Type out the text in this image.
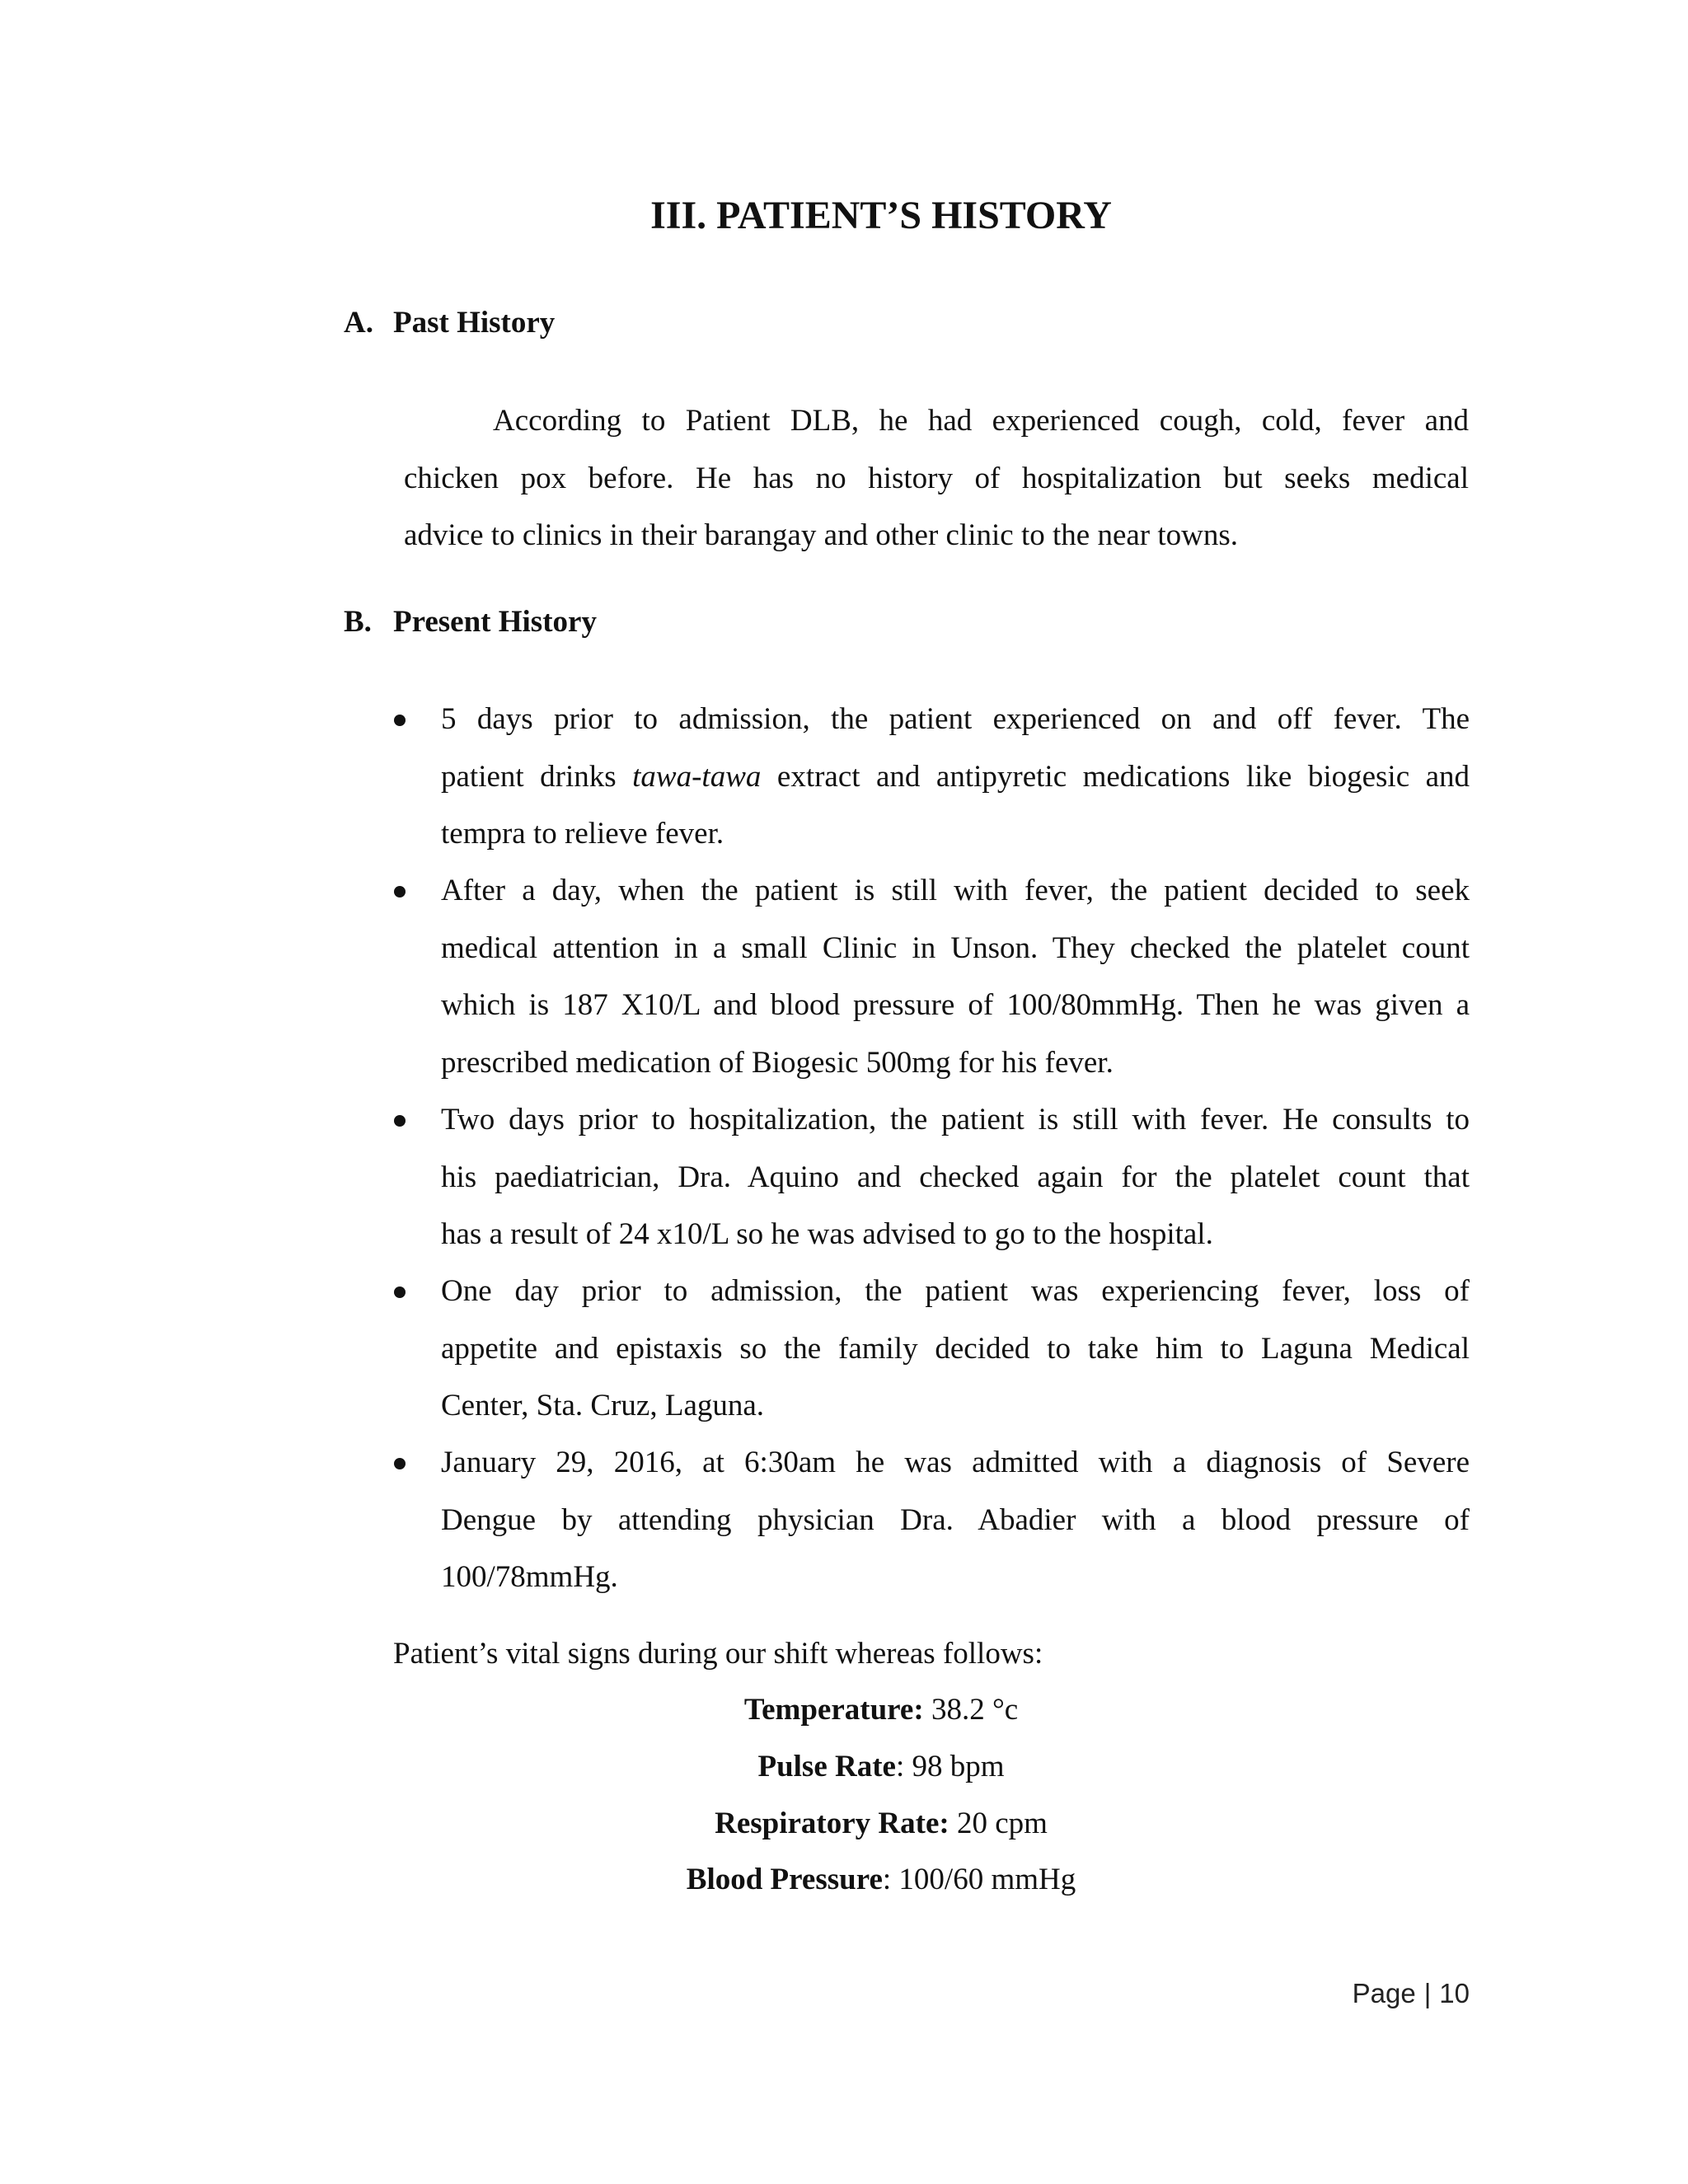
III. PATIENT’S HISTORY
A. Past History
According to Patient DLB, he had experienced cough, cold, fever and
chicken pox before. He has no history of hospitalization but seeks medical
advice to clinics in their barangay and other clinic to the near towns.
B. Present History
5 days prior to admission, the patient experienced on and off fever. The
patient drinks tawa-tawa extract and antipyretic medications like biogesic and
tempra to relieve fever.
After a day, when the patient is still with fever, the patient decided to seek
medical attention in a small Clinic in Unson. They checked the platelet count
which is 187 X10/L and blood pressure of 100/80mmHg. Then he was given a
prescribed medication of Biogesic 500mg for his fever.
Two days prior to hospitalization, the patient is still with fever. He consults to
his paediatrician, Dra. Aquino and checked again for the platelet count that
has a result of 24 x10/L so he was advised to go to the hospital.
One day prior to admission, the patient was experiencing fever, loss of
appetite and epistaxis so the family decided to take him to Laguna Medical
Center, Sta. Cruz, Laguna.
January 29, 2016, at 6:30am he was admitted with a diagnosis of Severe
Dengue by attending physician Dra. Abadier with a blood pressure of
100/78mmHg.
Patient’s vital signs during our shift whereas follows:
Temperature: 38.2 °c
Pulse Rate: 98 bpm
Respiratory Rate: 20 cpm
Blood Pressure: 100/60 mmHg
Page | 10
